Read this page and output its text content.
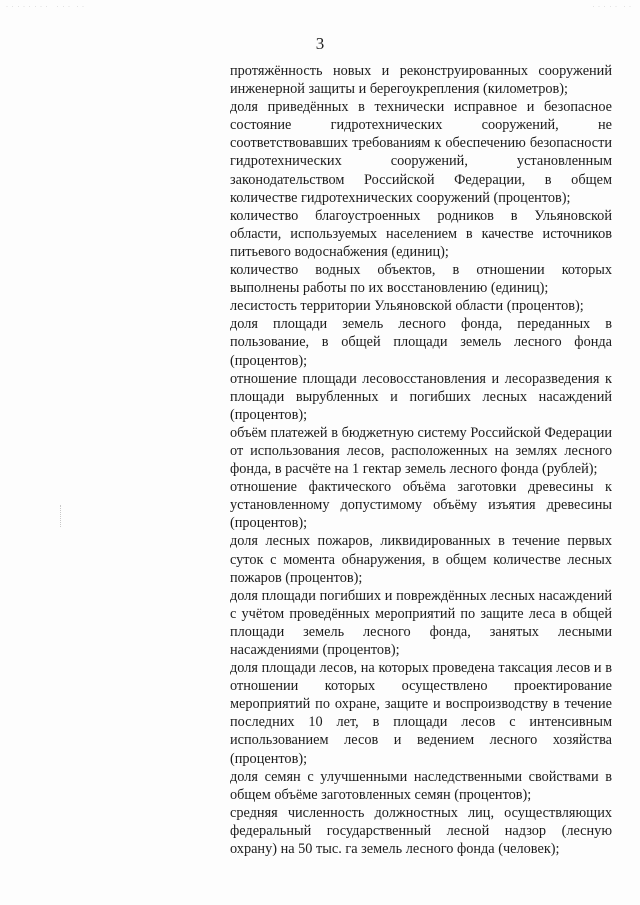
· · · · · · · ·   · · ·  · ·	· · · · ·  · ·
3

протяжённость новых и реконструированных сооружений инженерной защиты и берегоукрепления (километров);

доля приведённых в технически исправное и безопасное состояние гидротехнических сооружений, не соответствовавших требованиям к обеспечению безопасности гидротехнических сооружений, установленным законодательством Российской Федерации, в общем количестве гидротехнических сооружений (процентов);

количество благоустроенных родников в Ульяновской области, используемых населением в качестве источников питьевого водоснабжения (единиц);

количество водных объектов, в отношении которых выполнены работы по их восстановлению (единиц);

лесистость территории Ульяновской области (процентов);

доля площади земель лесного фонда, переданных в пользование, в общей площади земель лесного фонда (процентов);

отношение площади лесовосстановления и лесоразведения к площади вырубленных и погибших лесных насаждений (процентов);

объём платежей в бюджетную систему Российской Федерации от использования лесов, расположенных на землях лесного фонда, в расчёте на 1 гектар земель лесного фонда (рублей);

отношение фактического объёма заготовки древесины к установленному допустимому объёму изъятия древесины (процентов);

доля лесных пожаров, ликвидированных в течение первых суток с момента обнаружения, в общем количестве лесных пожаров (процентов);

доля площади погибших и повреждённых лесных насаждений с учётом проведённых мероприятий по защите леса в общей площади земель лесного фонда, занятых лесными насаждениями (процентов);

доля площади лесов, на которых проведена таксация лесов и в отношении которых осуществлено проектирование мероприятий по охране, защите и воспроизводству в течение последних 10 лет, в площади лесов с интенсивным использованием лесов и ведением лесного хозяйства (процентов);

доля семян с улучшенными наследственными свойствами в общем объёме заготовленных семян (процентов);

средняя численность должностных лиц, осуществляющих федеральный государственный лесной надзор (лесную охрану) на 50 тыс. га земель лесного фонда (человек);
